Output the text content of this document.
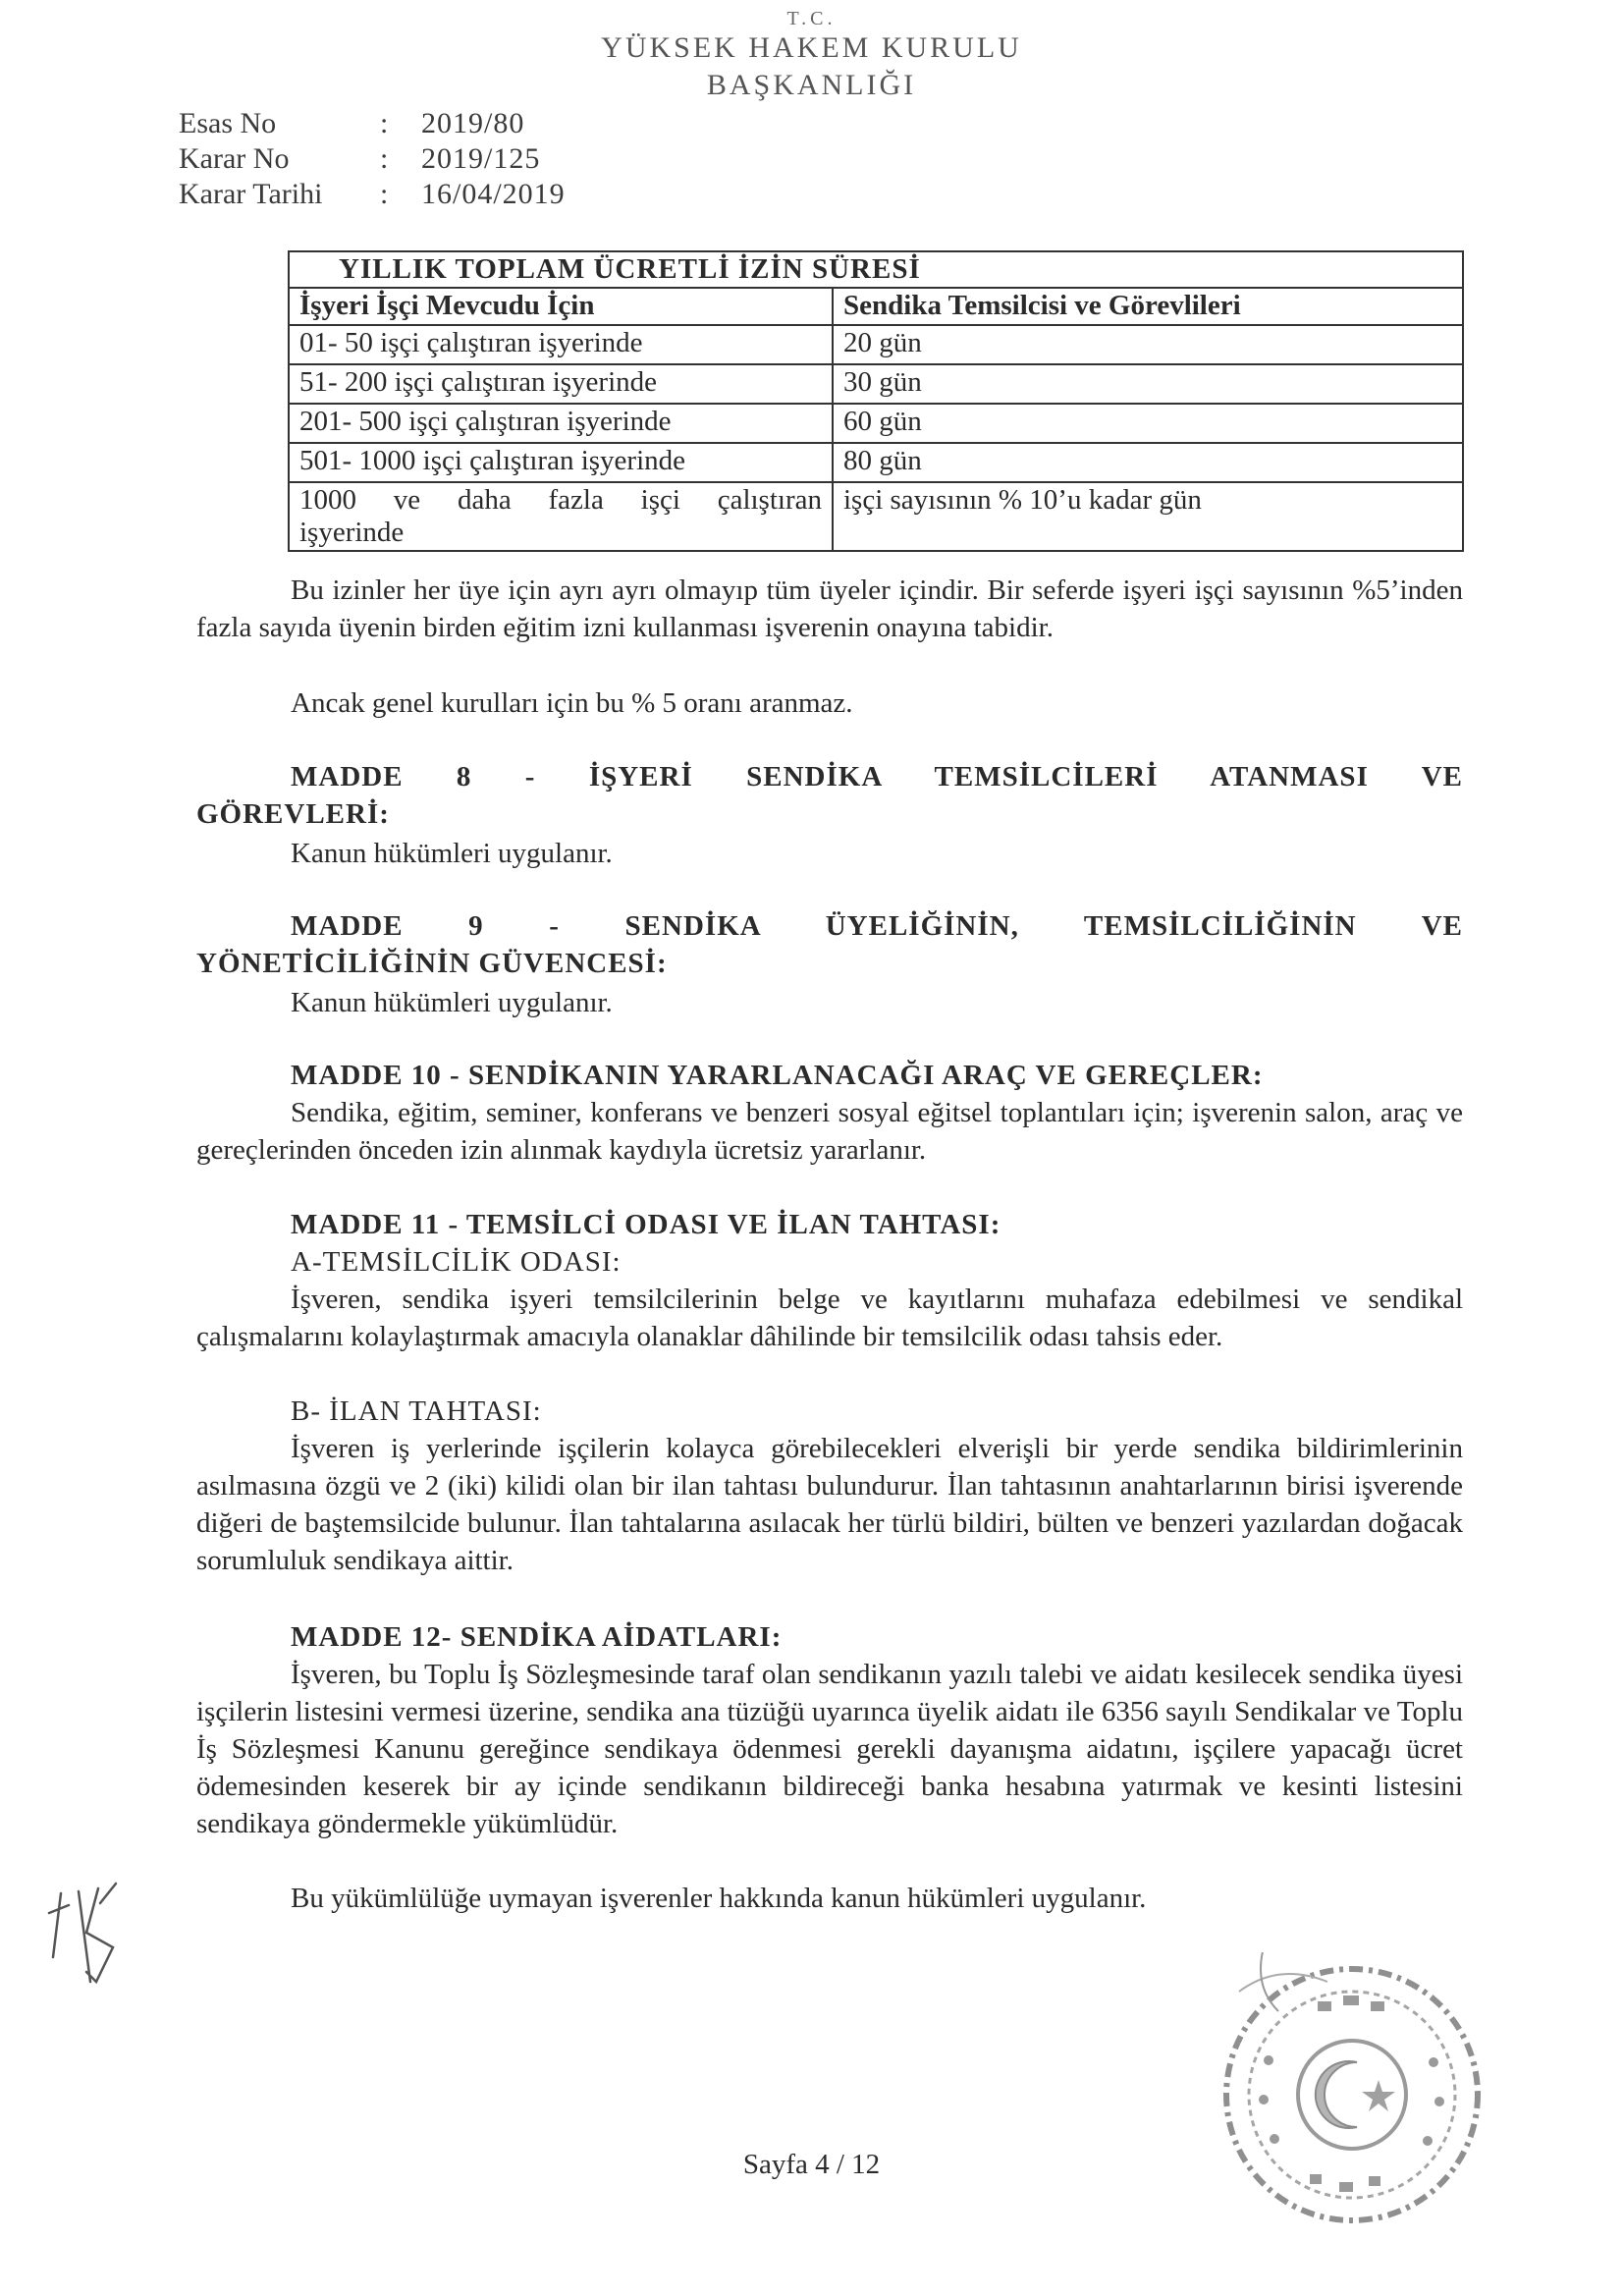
T.C.
YÜKSEK HAKEM KURULU
BAŞKANLIĞI
Esas No	: 2019/80
Karar No	: 2019/125
Karar Tarihi : 16/04/2019
YILLIK TOPLAM ÜCRETLİ İZİN SÜRESİ	
İşyeri İşçi Mevcudu İçin	Sendika Temsilcisi ve Görevlileri
01- 50 işçi çalıştıran işyerinde	20 gün
51- 200 işçi çalıştıran işyerinde	30 gün
201- 500 işçi çalıştıran işyerinde	60 gün
501- 1000 işçi çalıştıran işyerinde	80 gün

1000 ve daha fazla işçi çalıştıran
işyerinde	işçi sayısının % 10’u kadar gün
Bu izinler her üye için ayrı ayrı olmayıp tüm üyeler içindir. Bir seferde işyeri işçi sayısının %5’inden fazla sayıda üyenin birden eğitim izni kullanması işverenin onayına tabidir.
Ancak genel kurulları için bu % 5 oranı aranmaz.
MADDE 8 - İŞYERİ SENDİKA TEMSİLCİLERİ ATANMASI VE
GÖREVLERİ:
Kanun hükümleri uygulanır.
MADDE 9 - SENDİKA ÜYELİĞİNİN, TEMSİLCİLİĞİNİN VE
YÖNETİCİLİĞİNİN GÜVENCESİ:
Kanun hükümleri uygulanır.
MADDE 10 - SENDİKANIN YARARLANACAĞI ARAÇ VE GEREÇLER:
Sendika, eğitim, seminer, konferans ve benzeri sosyal eğitsel toplantıları için; işverenin salon, araç ve gereçlerinden önceden izin alınmak kaydıyla ücretsiz yararlanır.
MADDE 11 - TEMSİLCİ ODASI VE İLAN TAHTASI:
A-TEMSİLCİLİK ODASI:
İşveren, sendika işyeri temsilcilerinin belge ve kayıtlarını muhafaza edebilmesi ve sendikal çalışmalarını kolaylaştırmak amacıyla olanaklar dâhilinde bir temsilcilik odası tahsis eder.
B- İLAN TAHTASI:
İşveren iş yerlerinde işçilerin kolayca görebilecekleri elverişli bir yerde sendika bildirimlerinin asılmasına özgü ve 2 (iki) kilidi olan bir ilan tahtası bulundurur. İlan tahtasının anahtarlarının birisi işverende diğeri de baştemsilcide bulunur. İlan tahtalarına asılacak her türlü bildiri, bülten ve benzeri yazılardan doğacak sorumluluk sendikaya aittir.
MADDE 12- SENDİKA AİDATLARI:
İşveren, bu Toplu İş Sözleşmesinde taraf olan sendikanın yazılı talebi ve aidatı kesilecek sendika üyesi işçilerin listesini vermesi üzerine, sendika ana tüzüğü uyarınca üyelik aidatı ile 6356 sayılı Sendikalar ve Toplu İş Sözleşmesi Kanunu gereğince sendikaya ödenmesi gerekli dayanışma aidatını, işçilere yapacağı ücret ödemesinden keserek bir ay içinde sendikanın bildireceği banka hesabına yatırmak ve kesinti listesini sendikaya göndermekle yükümlüdür.
Bu yükümlülüğe uymayan işverenler hakkında kanun hükümleri uygulanır.
Sayfa 4 / 12
